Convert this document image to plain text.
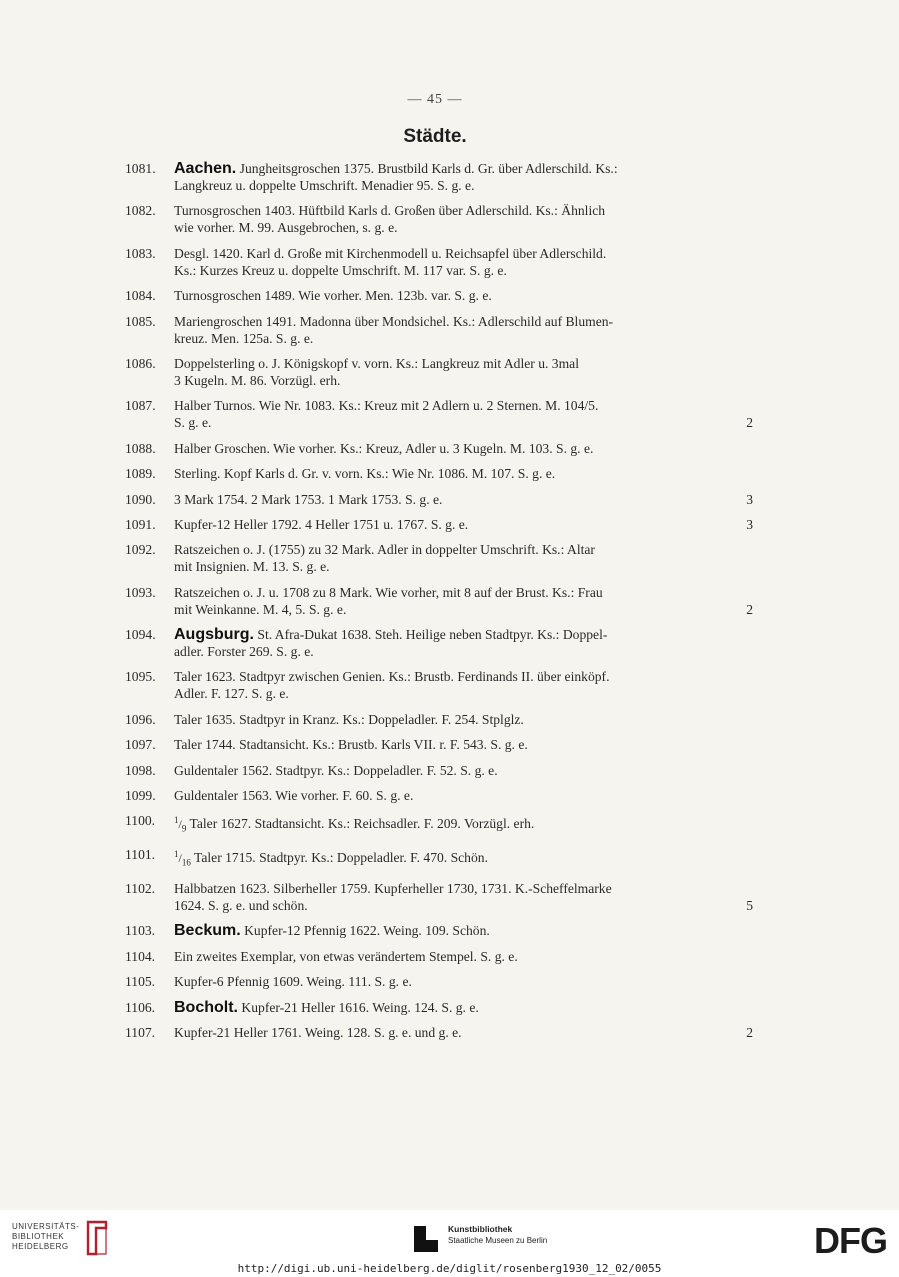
— 45 —
Städte.
1081.	Aachen. Jungheitsgroschen 1375. Brustbild Karls d. Gr. über Adlerschild. Ks.:
Langkreuz u. doppelte Umschrift. Menadier 95. S. g. e.
1082.	Turnosgroschen 1403. Hüftbild Karls d. Großen über Adlerschild. Ks.: Ähnlich
wie vorher. M. 99. Ausgebrochen, s. g. e.
1083.	Desgl. 1420. Karl d. Große mit Kirchenmodell u. Reichsapfel über Adlerschild.
Ks.: Kurzes Kreuz u. doppelte Umschrift. M. 117 var. S. g. e.
1084.	Turnosgroschen 1489. Wie vorher. Men. 123b. var. S. g. e.
1085.	Mariengroschen 1491. Madonna über Mondsichel. Ks.: Adlerschild auf Blumen-
kreuz. Men. 125a. S. g. e.
1086.	Doppelsterling o. J. Königskopf v. vorn. Ks.: Langkreuz mit Adler u. 3mal
3 Kugeln. M. 86. Vorzügl. erh.
1087.	Halber Turnos. Wie Nr. 1083. Ks.: Kreuz mit 2 Adlern u. 2 Sternen. M. 104/5.
S. g. e.	2
1088.	Halber Groschen. Wie vorher. Ks.: Kreuz, Adler u. 3 Kugeln. M. 103. S. g. e.
1089.	Sterling. Kopf Karls d. Gr. v. vorn. Ks.: Wie Nr. 1086. M. 107. S. g. e.
1090.	3 Mark 1754. 2 Mark 1753. 1 Mark 1753. S. g. e.	3
1091.	Kupfer-12 Heller 1792. 4 Heller 1751 u. 1767. S. g. e.	3
1092.	Ratszeichen o. J. (1755) zu 32 Mark. Adler in doppelter Umschrift. Ks.: Altar
mit Insignien. M. 13. S. g. e.
1093.	Ratszeichen o. J. u. 1708 zu 8 Mark. Wie vorher, mit 8 auf der Brust. Ks.: Frau
mit Weinkanne. M. 4, 5. S. g. e.	2
1094.	Augsburg. St. Afra-Dukat 1638. Steh. Heilige neben Stadtpyr. Ks.: Doppel-
adler. Forster 269. S. g. e.
1095.	Taler 1623. Stadtpyr zwischen Genien. Ks.: Brustb. Ferdinands II. über einköpf.
Adler. F. 127. S. g. e.
1096.	Taler 1635. Stadtpyr in Kranz. Ks.: Doppeladler. F. 254. Stplglz.
1097.	Taler 1744. Stadtansicht. Ks.: Brustb. Karls VII. r. F. 543. S. g. e.
1098.	Guldentaler 1562. Stadtpyr. Ks.: Doppeladler. F. 52. S. g. e.
1099.	Guldentaler 1563. Wie vorher. F. 60. S. g. e.
1100.	$^1/_9$ Taler 1627. Stadtansicht. Ks.: Reichsadler. F. 209. Vorzügl. erh.
1101.	$^1/_{16}$ Taler 1715. Stadtpyr. Ks.: Doppeladler. F. 470. Schön.
1102.	Halbbatzen 1623. Silberheller 1759. Kupferheller 1730, 1731. K.-Scheffelmarke
1624. S. g. e. und schön.	5
1103.	Beckum. Kupfer-12 Pfennig 1622. Weing. 109. Schön.
1104.	Ein zweites Exemplar, von etwas verändertem Stempel. S. g. e.
1105.	Kupfer-6 Pfennig 1609. Weing. 111. S. g. e.
1106.	Bocholt. Kupfer-21 Heller 1616. Weing. 124. S. g. e.
1107.	Kupfer-21 Heller 1761. Weing. 128. S. g. e. und g. e.	2
UNIVERSITÄTS-
BIBLIOTHEK
HEIDELBERG
Kunstbibliothek
Staatliche Museen zu Berlin	DFG
http://digi.ub.uni-heidelberg.de/diglit/rosenberg1930_12_02/0055
